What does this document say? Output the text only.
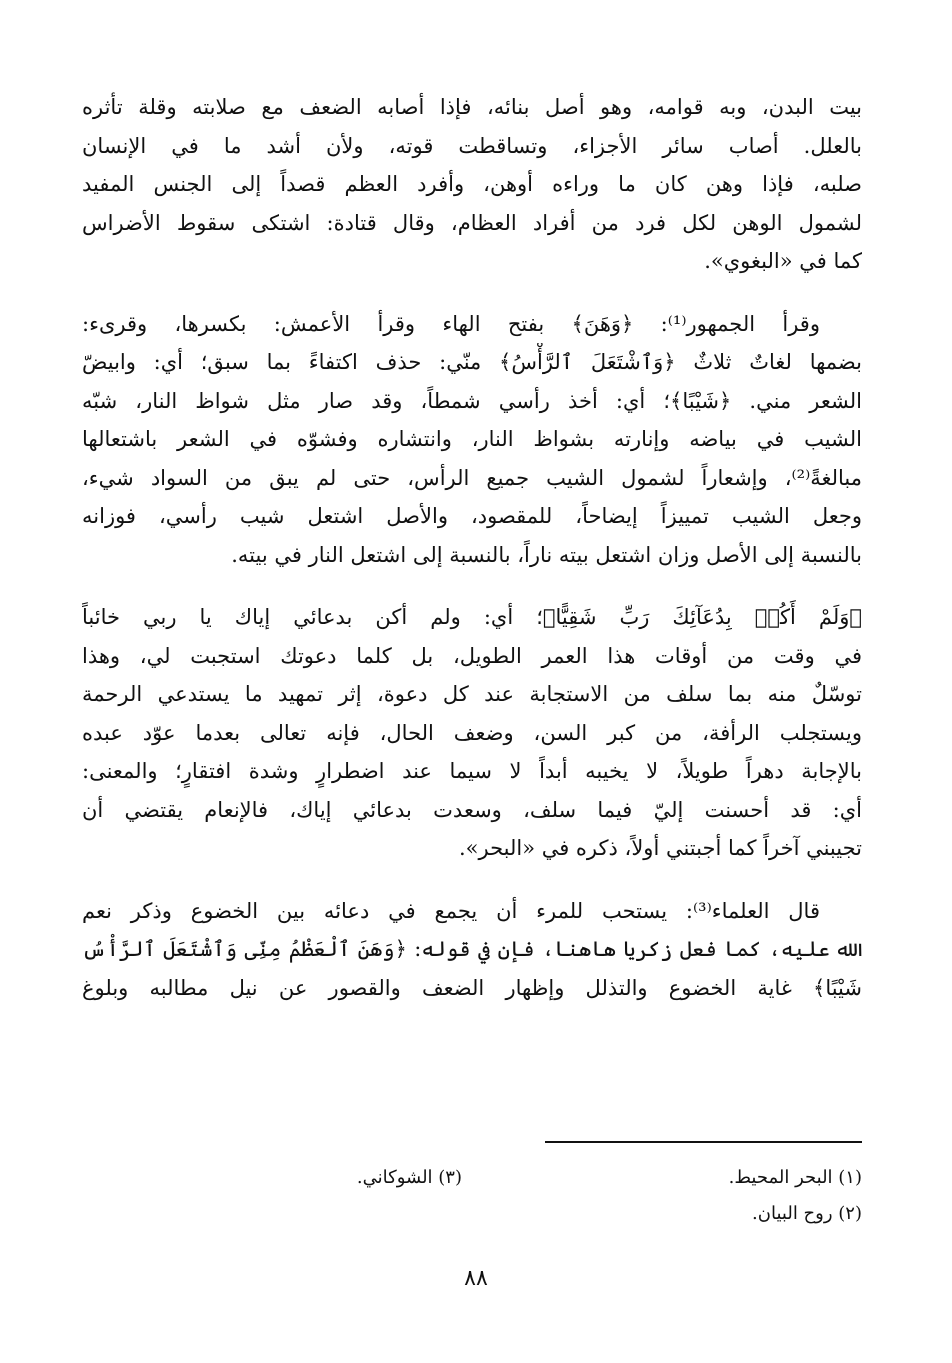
بيت البدن، وبه قوامه، وهو أصل بنائه، فإذا أصابه الضعف مع صلابته وقلة تأثره
بالعلل. أصاب سائر الأجزاء، وتساقطت قوته، ولأن أشد ما في الإنسان
صلبه، فإذا وهن كان ما وراءه أوهن، وأفرد العظم قصداً إلى الجنس المفيد
لشمول الوهن لكل فرد من أفراد العظام، وقال قتادة: اشتكى سقوط الأضراس
كما في «البغوي».
وقرأ الجمهور⁽¹⁾: ﴿وَهَنَ﴾ بفتح الهاء وقرأ الأعمش: بكسرها، وقرىء:
بضمها لغاتٌ ثلاثٌ ﴿وَٱشْتَعَلَ ٱلرَّأْسُ﴾ منّي: حذف اكتفاءً بما سبق؛ أي: وابيضّ
الشعر مني. ﴿شَيْبًا﴾؛ أي: أخذ رأسي شمطاً، وقد صار مثل شواظ النار، شبّه
الشيب في بياضه وإنارته بشواظ النار، وانتشاره وفشوّه في الشعر باشتعالها
مبالغةً⁽²⁾، وإشعاراً لشمول الشيب جميع الرأس، حتى لم يبق من السواد شيء،
وجعل الشيب تمييزاً إيضاحاً، للمقصود، والأصل اشتعل شيب رأسي، فوزانه
بالنسبة إلى الأصل وزان اشتعل بيته ناراً، بالنسبة إلى اشتعل النار في بيته.
﴿وَلَمْ أَكُنۢ بِدُعَآئِكَ رَبِّ شَقِيًّا﴾؛ أي: ولم أكن بدعائي إياك يا ربي خائباً
في وقت من أوقات هذا العمر الطويل، بل كلما دعوتك استجبت لي، وهذا
توسّلٌ منه بما سلف من الاستجابة عند كل دعوة، إثر تمهيد ما يستدعي الرحمة
ويستجلب الرأفة، من كبر السن، وضعف الحال، فإنه تعالى بعدما عوّد عبده
بالإجابة دهراً طويلاً، لا يخيبه أبداً لا سيما عند اضطرارٍ وشدة افتقارٍ؛ والمعنى:
أي: قد أحسنت إليّ فيما سلف، وسعدت بدعائي إياك، فالإنعام يقتضي أن
تجيبني آخراً كما أجبتني أولاً، ذكره في «البحر».
قال العلماء⁽³⁾: يستحب للمرء أن يجمع في دعائه بين الخضوع وذكر نعم
الله عليه، كما فعل زكريا هاهنا، فإن في قوله: ﴿وَهَنَ ٱلْعَظْمُ مِنِّى وَٱشْتَعَلَ ٱلرَّأْسُ
شَيْبًا﴾ غاية الخضوع والتذلل وإظهار الضعف والقصور عن نيل مطالبه وبلوغ
(١) البحر المحيط.
(٣) الشوكاني.
(٢) روح البيان.
٨٨
